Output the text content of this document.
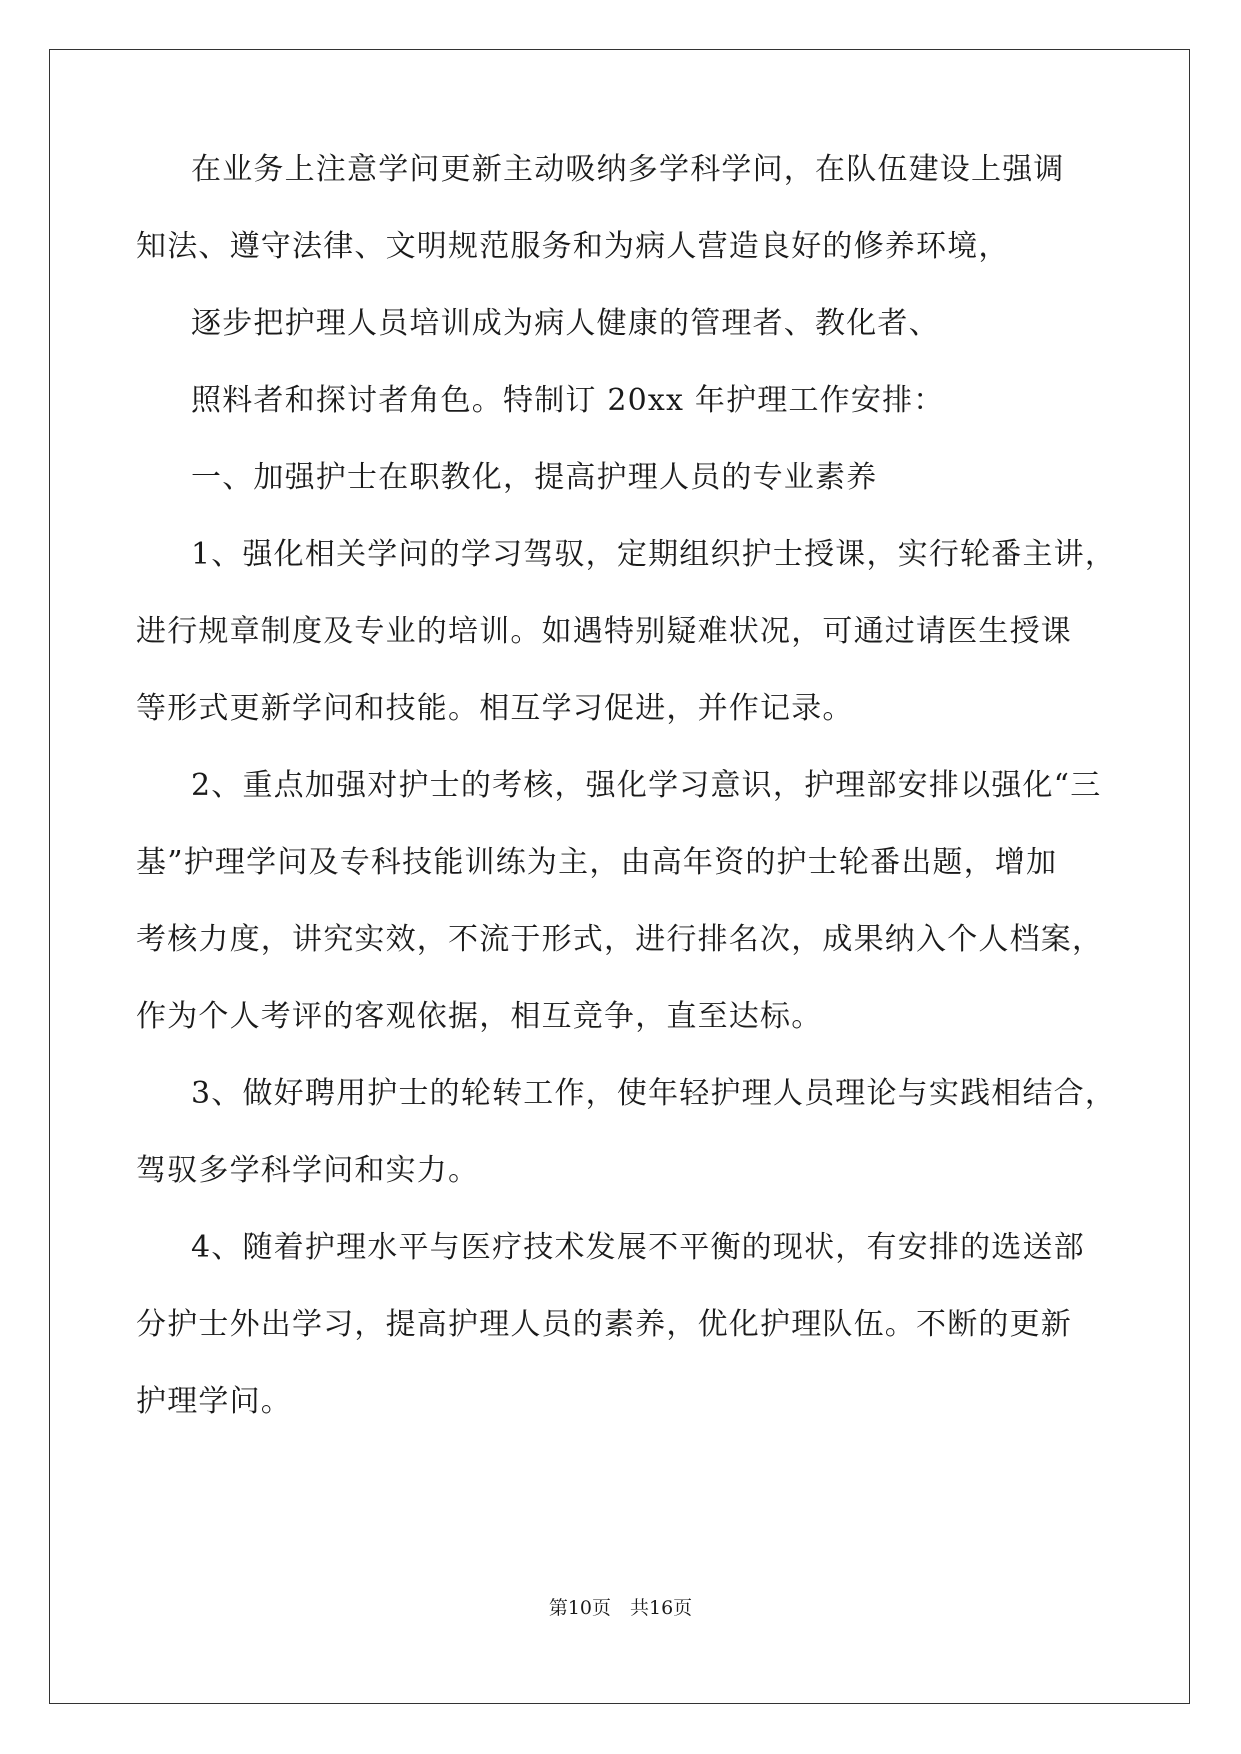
在业务上注意学问更新主动吸纳多学科学问，在队伍建设上强调
知法、遵守法律、文明规范服务和为病人营造良好的修养环境，
逐步把护理人员培训成为病人健康的管理者、教化者、
照料者和探讨者角色。特制订 20xx 年护理工作安排：
一、加强护士在职教化，提高护理人员的专业素养
1、强化相关学问的学习驾驭，定期组织护士授课，实行轮番主讲，
进行规章制度及专业的培训。如遇特别疑难状况，可通过请医生授课
等形式更新学问和技能。相互学习促进，并作记录。
2、重点加强对护士的考核，强化学习意识，护理部安排以强化“三
基”护理学问及专科技能训练为主，由高年资的护士轮番出题，增加
考核力度，讲究实效，不流于形式，进行排名次，成果纳入个人档案，
作为个人考评的客观依据，相互竞争，直至达标。
3、做好聘用护士的轮转工作，使年轻护理人员理论与实践相结合，
驾驭多学科学问和实力。
4、随着护理水平与医疗技术发展不平衡的现状，有安排的选送部
分护士外出学习，提高护理人员的素养，优化护理队伍。不断的更新
护理学问。
第10页　共16页
